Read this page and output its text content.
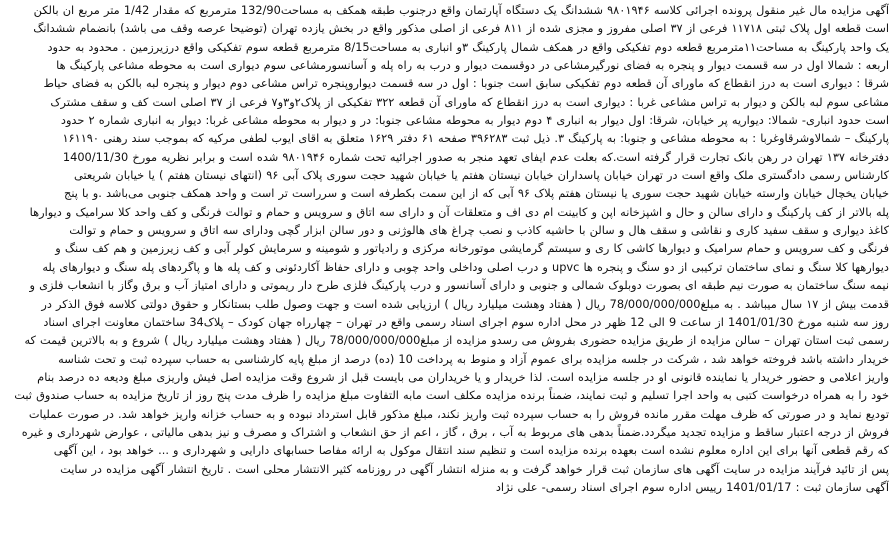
آگهی مزایده مال غیر منقول پرونده اجرائی کلاسه ۹۸۰۱۹۴۶ ششدانگ یک دستگاه آپارتمان واقع درجنوب طبقه همکف به مساحت132/90 مترمربع که مقدار 1/42 متر مربع ان بالکن
است قطعه اول پلاک ثبتی ۱۱۷۱۸ فرعی از ۳۷ اصلی مفروز و مجزی شده از ۸۱۱ فرعی از اصلی مذکور واقع در بخش یازده تهران (توضیحا عرصه وقف می باشد) بانضمام ششدانگ
یک واحد پارکینگ به مساحت۱۱مترمربع قطعه دوم تفکیکی واقع در همکف شمال پارکینگ ۳و انباری به مساحت8/15 مترمربع قطعه سوم تفکیکی واقع درزیرزمین . محدود به حدود
اربعه : شمالا اول در سه قسمت دیوار و پنجره به فضای نورگیرمشاعی در دوقسمت دیوار و درب به راه پله و آسانسورمشاعی سوم دیواری است به محوطه مشاعی پارکینگ ها
شرقا : دیواری است به درز انقطاع که ماورای آن قطعه دوم تفکیکی سابق است جنوبا : اول در سه قسمت دیواروپنجره تراس مشاعی دوم دیوار و پنجره لبه بالکن به فضای حیاط
مشاعی سوم لبه بالکن و دیوار به تراس مشاعی غربا : دیواری است به درز انقطاع که ماورای آن قطعه ۳۲۲ تفکیکی از پلاک۲و۳و۷ فرعی از ۳۷ اصلی است کف و سقف مشترک
است حدود انباری- شمالا: دیواریه پر خیابان، شرقا: اول دیوار به انباری ۴ دوم دیوار به محوطه مشاعی جنوبا: در و دیوار به محوطه مشاعی غربا: دیوار به انباری شماره ۲ حدود
پارکینگ – شمالاوشرقاوغربا : به محوطه مشاعی و جنوبا: به پارکینگ ۳. ذیل ثبت ۳۹۶۲۸۳ صفحه ۶۱ دفتر ۱۶۲۹ متعلق به اقای ایوب لطفی مرکیه که بموجب سند رهنی ۱۶۱۱۹۰
دفترخانه ۱۳۷ تهران در رهن بانک تجارت قرار گرفته است.که بعلت عدم ایفای تعهد منجر به صدور اجرائیه تحت شماره ۹۸۰۱۹۴۶ شده است و برابر نظریه مورخ 1400/11/30
کارشناس رسمی دادگستری ملک واقع است در تهران خیابان پاسداران خیابان نیستان هفتم یا خیابان شهید حجت سوری پلاک آبی ۹۶ (انتهای نیستان هفتم ) یا خیابان شریعتی
خیابان یخچال خیابان وارسته خیابان شهید حجت سوری یا نیستان هفتم پلاک ۹۶ آبی که از این سمت بکطرفه است و سرراست تر است و واحد همکف جنوبی می‌باشد .و با پنج
پله بالاتر از کف پارکینگ و دارای سالن و حال و اشپزخانه اپن و کابینت ام دی اف و متعلقات آن و دارای سه اتاق و سرویس و حمام و توالت فرنگی و کف واحد کلا سرامیک و دیوارها
کاغذ دیواری و سقف سفید کاری و نقاشی و سقف هال و سالن با حاشیه کاذب و نصب چراغ های هالوژنی و دور سالن ابزار گچی ودارای سه اتاق و سرویس و حمام و توالت
فرنگی و کف سرویس و حمام سرامیک و دیوارها کاشی کا ری و سیستم گرمایشی موتورخانه مرکزی و رادیاتور و شومینه و سرمایش کولر آبی و کف زیرزمین و هم کف سنگ و
دیوارهها کلا سنگ و نمای ساختمان ترکیبی از دو سنگ و پنجره ها upvc و درب اصلی وداخلی واحد چوبی و دارای حفاظ آکاردئونی و کف پله ها و پاگردهای پله سنگ و دیوارهای پله
نیمه سنگ ساختمان به صورت نیم طبقه ای بصورت دوبلوک شمالی و جنوبی و دارای آسانسور و درب پارکینگ فلزی طرح دار ریموتی و دارای امتیاز آب و برق وگاز با انشعاب فلزی و
قدمت بیش از ۱۷ سال میباشد . به مبلغ78/000/000/000 ریال ( هفتاد وهشت میلیارد ریال ) ارزیابی شده است و جهت وصول طلب بستانکار و حقوق دولتی کلاسه فوق الذکر در
روز سه شنبه مورخ 1401/01/30 از ساعت 9 الی 12 ظهر در محل اداره سوم اجرای اسناد رسمی واقع در تهران – چهارراه جهان کودک – پلاک34 ساختمان معاونت اجرای اسناد
رسمی ثبت استان تهران – سالن مزایده از طریق مزایده حضوری بفروش می رسدو مزایده از مبلغ78/000/000/000 ریال ( هفتاد وهشت میلیارد ریال ) شروع و به بالاترین قیمت که
خریدار داشته باشد فروخته خواهد شد ، شرکت در جلسه مزایده برای عموم آزاد و منوط به پرداخت 10 (ده) درصد از مبلغ پایه کارشناسی به حساب سپرده ثبت و تحت شناسه
واریز اعلامی و حضور خریدار یا نماینده قانونی او در جلسه مزایده است. لذا خریدار و یا خریداران می بایست قبل از شروع وقت مزایده اصل فیش واریزی مبلغ ودیعه ده درصد بنام
خود را به همراه درخواست کتبی به واحد اجرا تسلیم و ثبت نمایند، ضمناً برنده مزایده مکلف است مابه التفاوت مبلغ مزایده را ظرف مدت پنج روز از تاریخ مزایده به حساب صندوق ثبت
تودیع نماید و در صورتی که ظرف مهلت مقرر مانده فروش را به حساب سپرده ثبت واریز نکند، مبلغ مذکور قابل استرداد نبوده و به حساب خزانه واریز خواهد شد. در صورت عملیات
فروش از درجه اعتبار ساقط و مزایده تجدید میگردد.ضمناً بدهی های مربوط به آب ، برق ، گاز ، اعم از حق انشعاب و اشتراک و مصرف و نیز بدهی مالیاتی ، عوارض شهرداری و غیره
که رقم قطعی آنها برای این اداره معلوم نشده است بعهده برنده مزایده است و تنظیم سند انتقال موکول به ارائه مفاصا حسابهای دارایی و شهرداری و ... خواهد بود ، این آگهی
پس از تائید فرآیند مزایده در سایت آگهی های سازمان ثبت قرار خواهد گرفت و به منزله انتشار آگهی در روزنامه کثیر الانتشار محلی است . تاریخ انتشار آگهی مزایده در سایت
آگهی سازمان ثبت : 1401/01/17 رییس اداره سوم اجرای اسناد رسمی- علی نژاد
